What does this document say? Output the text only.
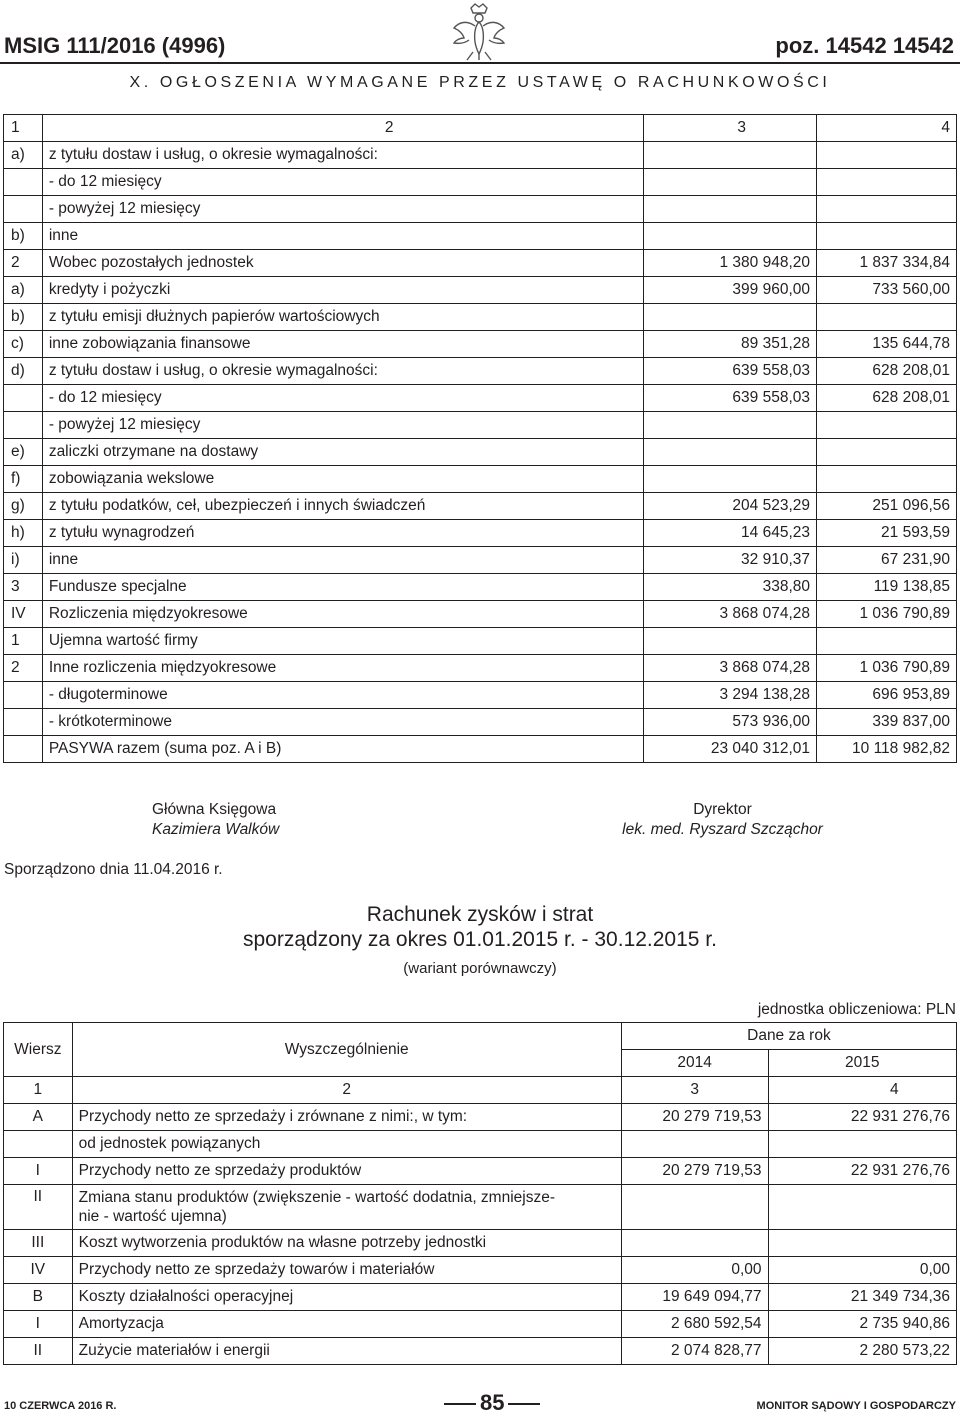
MSIG 111/2016 (4996)	poz. 14542 14542
X. OGŁOSZENIA WYMAGANE PRZEZ USTAWĘ O RACHUNKOWOŚCI
1	2	3	4
a)	z tytułu dostaw i usług, o okresie wymagalności:		
	- do 12 miesięcy		
	- powyżej 12 miesięcy		
b)	inne		
2	Wobec pozostałych jednostek	1 380 948,20	1 837 334,84
a)	kredyty i pożyczki	399 960,00	733 560,00
b)	z tytułu emisji dłużnych papierów wartościowych		
c)	inne zobowiązania finansowe	89 351,28	135 644,78
d)	z tytułu dostaw i usług, o okresie wymagalności:	639 558,03	628 208,01
	- do 12 miesięcy	639 558,03	628 208,01
	- powyżej 12 miesięcy		
e)	zaliczki otrzymane na dostawy		
f)	zobowiązania wekslowe		
g)	z tytułu podatków, ceł, ubezpieczeń i innych świadczeń	204 523,29	251 096,56
h)	z tytułu wynagrodzeń	14 645,23	21 593,59
i)	inne	32 910,37	67 231,90
3	Fundusze specjalne	338,80	119 138,85
IV	Rozliczenia międzyokresowe	3 868 074,28	1 036 790,89
1	Ujemna wartość firmy		
2	Inne rozliczenia międzyokresowe	3 868 074,28	1 036 790,89
	- długoterminowe	3 294 138,28	696 953,89
	- krótkoterminowe	573 936,00	339 837,00
	PASYWA razem (suma poz. A i B)	23 040 312,01	10 118 982,82
Główna Księgowa
Kazimiera Walków
Dyrektor
lek. med. Ryszard Szcząchor
Sporządzono dnia 11.04.2016 r.
Rachunek zysków i strat
sporządzony za okres 01.01.2015 r. - 30.12.2015 r.
(wariant porównawczy)
jednostka obliczeniowa: PLN
Wiersz	Wyszczególnienie	Dane za rok	
		2014	2015
1	2	3	4
A	Przychody netto ze sprzedaży i zrównane z nimi:, w tym:	20 279 719,53	22 931 276,76
	od jednostek powiązanych		
I	Przychody netto ze sprzedaży produktów	20 279 719,53	22 931 276,76
II	Zmiana stanu produktów (zwiększenie - wartość dodatnia, zmniejsze-
nie - wartość ujemna)		

III	Koszt wytworzenia produktów na własne potrzeby jednostki		
IV	Przychody netto ze sprzedaży towarów i materiałów	0,00	0,00
B	Koszty działalności operacyjnej	19 649 094,77	21 349 734,36
I	Amortyzacja	2 680 592,54	2 735 940,86
II	Zużycie materiałów i energii	2 074 828,77	2 280 573,22
10 CZERWCA 2016 R.	85	MONITOR SĄDOWY I GOSPODARCZY
